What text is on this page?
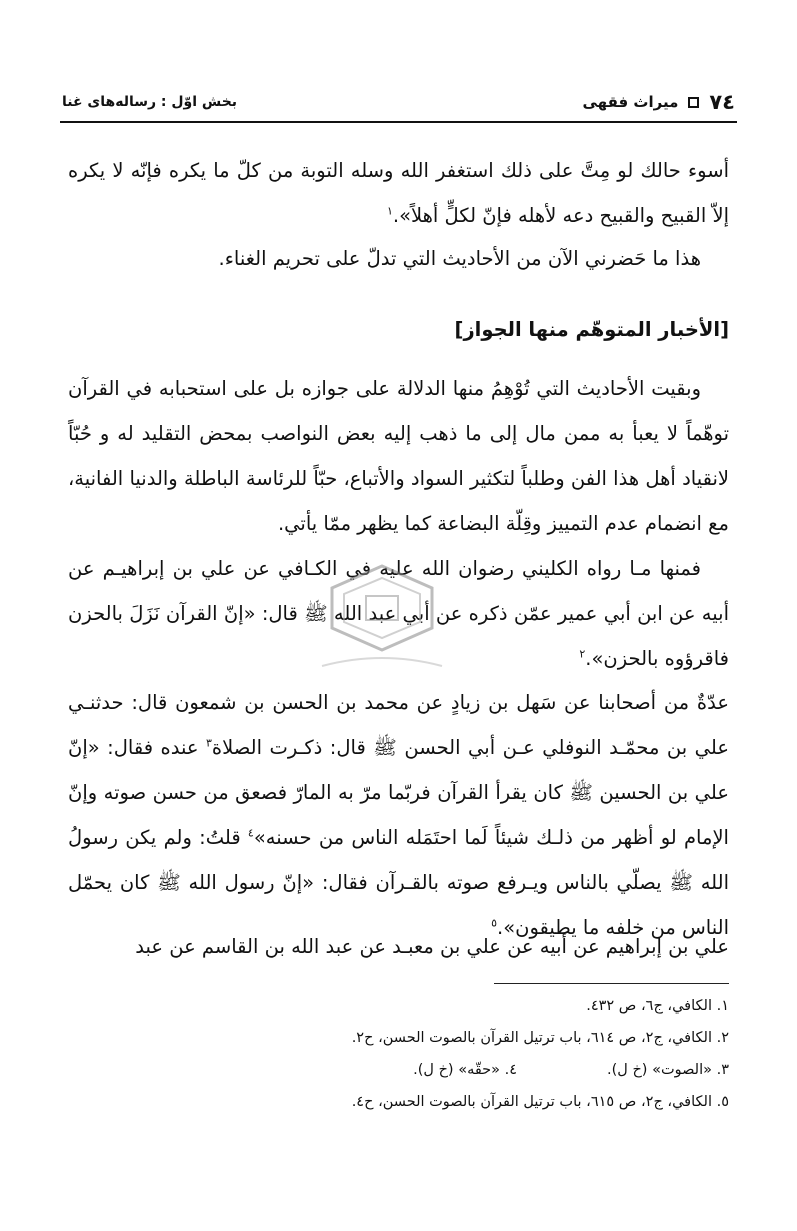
٧٤
میراث فقهی
بخش اوّل : رسالەهای غنا

أسوء حالك لو مِتَّ على ذلك استغفر الله وسله التوبة من كلّ ما يكره فإنّه لا يكره إلاّ القبيح والقبيح دعه لأهله فإنّ لكلٍّ أهلاً».$^١$

هذا ما حَضرني الآن من الأحاديث التي تدلّ على تحريم الغناء.

[الأخبار المتوهّم منها الجواز]

وبقيت الأحاديث التي تُوْهِمُ منها الدلالة على جوازه بل على استحبابه في القرآن توهّماً لا يعبأ به ممن مال إلى ما ذهب إليه بعض النواصب بمحض التقليد له و حُبّاً لانقياد أهل هذا الفن وطلباً لتكثير السواد والأتباع، حبّاً للرئاسة الباطلة والدنيا الفانية، مع انضمام عدم التمييز وقِلّة البضاعة كما يظهر ممّا يأتي.

فمنها مـا رواه الكليني رضوان الله عليه في الكـافي عن علي بن إبراهيـم عن أبيه عن ابن أبي عمير عمّن ذكره عن أبي عبد الله ﷺ قال: «إنّ القرآن نَزَلَ بالحزن فاقرؤوه بالحزن».$^٢$

عدّةٌ من أصحابنا عن سَهل بن زيادٍ عن محمد بن الحسن بن شمعون قال: حدثنـي علي بن محمّـد النوفلي عـن أبي الحسن ﷺ قال: ذكـرت الصلاة$^٣$ عنده فقال: «إنّ علي بن الحسين ﷺ كان يقرأ القرآن فربّما مرّ به المارّ فصعق من حسن صوته وإنّ الإمام لو أظهر من ذلـك شيئاً لَما احتَمَله الناس من حسنه»$^٤$ قلتُ: ولم يكن رسولُ الله ﷺ يصلّي بالناس ويـرفع صوته بالقـرآن فقال: «إنّ رسول الله ﷺ كان يحمّل الناس من خلفه ما يطيقون».$^٥$

علي بن إبراهيم عن أبيه عن علي بن معبـد عن عبد الله بن القاسم عن عبد

١. الكافي، ج٦، ص ٤٣٢.

٢. الكافي، ج٢، ص ٦١٤، باب ترتيل القرآن بالصوت الحسن، ح٢.

٣. «الصوت» (خ ل).

٤. «حقّه» (خ ل).

٥. الكافي، ج٢، ص ٦١٥، باب ترتيل القرآن بالصوت الحسن، ح٤.
